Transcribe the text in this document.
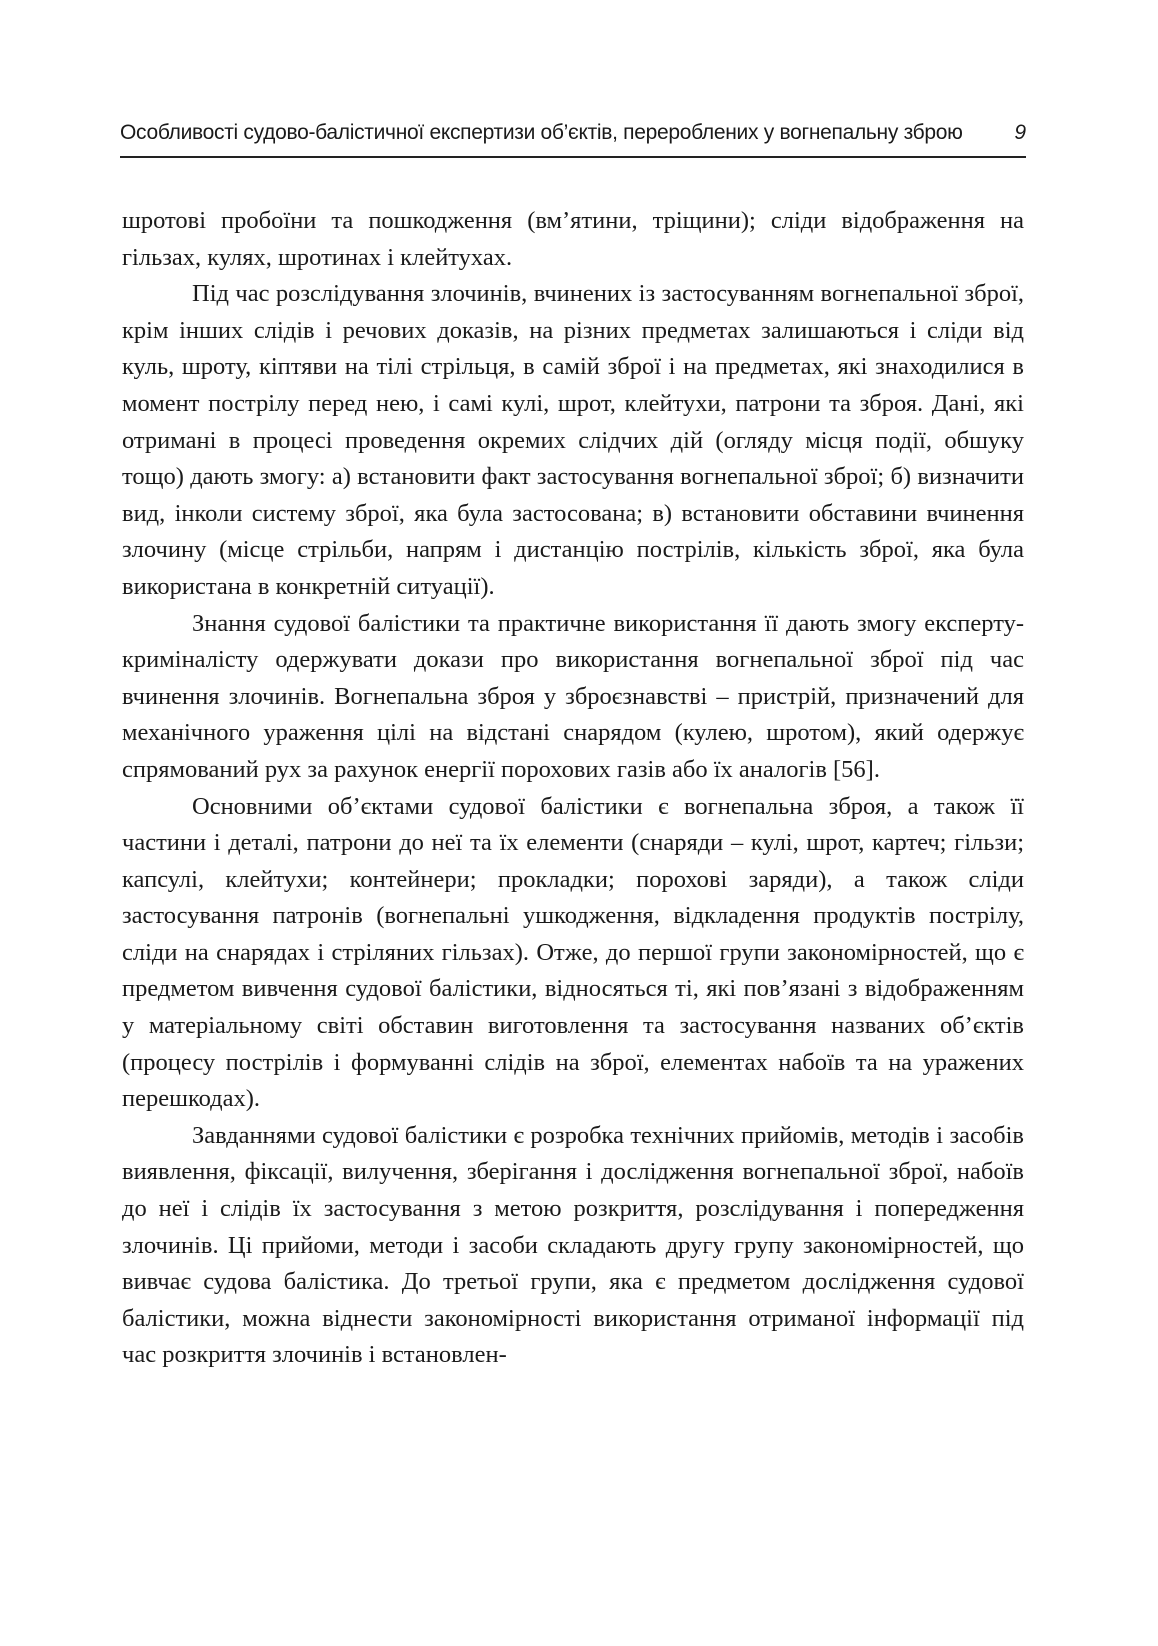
Особливості судово-балістичної експертизи об’єктів, перероблених у вогнепальну зброю 9

шротові пробоїни та пошкодження (вм’ятини, тріщини); сліди відображення на гільзах, кулях, шротинах і клейтухах.

Під час розслідування злочинів, вчинених із застосуванням вогнепальної зброї, крім інших слідів і речових доказів, на різних предметах залишаються і сліди від куль, шроту, кіптяви на тілі стрільця, в самій зброї і на предметах, які знаходилися в момент пострілу перед нею, і самі кулі, шрот, клейтухи, патрони та зброя. Дані, які отримані в процесі проведення окремих слідчих дій (огляду місця події, обшуку тощо) дають змогу: а) встановити факт застосування вогнепальної зброї; б) визначити вид, інколи систему зброї, яка була застосована; в) встановити обставини вчинення злочину (місце стрільби, напрям і дистанцію пострілів, кількість зброї, яка була використана в конкретній ситуації).

Знання судової балістики та практичне використання її дають змогу експерту-криміналісту одержувати докази про використання вогнепальної зброї під час вчинення злочинів. Вогнепальна зброя у зброєзнавстві – пристрій, призначений для механічного ураження цілі на відстані снарядом (кулею, шротом), який одержує спрямований рух за рахунок енергії порохових газів або їх аналогів [56].

Основними об’єктами судової балістики є вогнепальна зброя, а також її частини і деталі, патрони до неї та їх елементи (снаряди – кулі, шрот, картеч; гільзи; капсулі, клейтухи; контейнери; прокладки; порохові заряди), а також сліди застосування патронів (вогнепальні ушкодження, відкладення продуктів пострілу, сліди на снарядах і стріляних гільзах). Отже, до першої групи закономірностей, що є предметом вивчення судової балістики, відносяться ті, які пов’язані з відображенням у матеріальному світі обставин виготовлення та застосування названих об’єктів (процесу пострілів і формуванні слідів на зброї, елементах набоїв та на уражених перешкодах).

Завданнями судової балістики є розробка технічних прийомів, методів і засобів виявлення, фіксації, вилучення, зберігання і дослідження вогнепальної зброї, набоїв до неї і слідів їх застосування з метою розкриття, розслідування і попередження злочинів. Ці прийоми, методи і засоби складають другу групу закономірностей, що вивчає судова балістика. До третьої групи, яка є предметом дослідження судової балістики, можна віднести закономірності використання отриманої інформації під час розкриття злочинів і встановлен-
